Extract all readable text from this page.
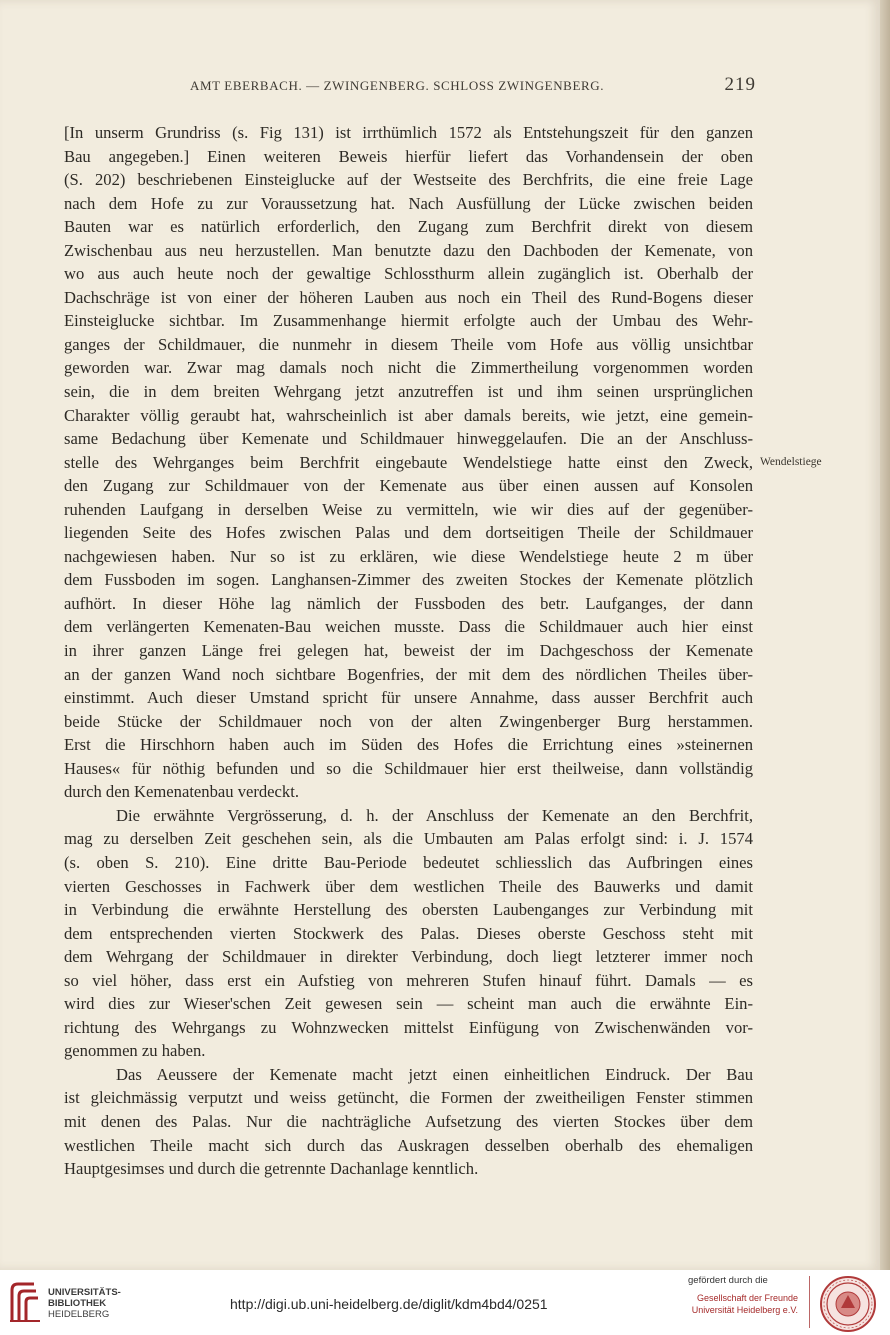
AMT EBERBACH. — ZWINGENBERG. SCHLOSS ZWINGENBERG.	219

[In unserm Grundriss (s. Fig 131) ist irrthümlich 1572 als Entstehungszeit für den ganzen
Bau angegeben.] Einen weiteren Beweis hierfür liefert das Vorhandensein der oben
(S. 202) beschriebenen Einsteiglucke auf der Westseite des Berchfrits, die eine freie Lage
nach dem Hofe zu zur Voraussetzung hat. Nach Ausfüllung der Lücke zwischen beiden
Bauten war es natürlich erforderlich, den Zugang zum Berchfrit direkt von diesem
Zwischenbau aus neu herzustellen. Man benutzte dazu den Dachboden der Kemenate, von
wo aus auch heute noch der gewaltige Schlossthurm allein zugänglich ist. Oberhalb der
Dachschräge ist von einer der höheren Lauben aus noch ein Theil des Rund-Bogens dieser
Einsteiglucke sichtbar. Im Zusammenhange hiermit erfolgte auch der Umbau des Wehr-
ganges der Schildmauer, die nunmehr in diesem Theile vom Hofe aus völlig unsichtbar
geworden war. Zwar mag damals noch nicht die Zimmertheilung vorgenommen worden
sein, die in dem breiten Wehrgang jetzt anzutreffen ist und ihm seinen ursprünglichen
Charakter völlig geraubt hat, wahrscheinlich ist aber damals bereits, wie jetzt, eine gemein-
same Bedachung über Kemenate und Schildmauer hinweggelaufen. Die an der Anschluss-
stelle des Wehrganges beim Berchfrit eingebaute Wendelstiege hatte einst den Zweck,
den Zugang zur Schildmauer von der Kemenate aus über einen aussen auf Konsolen
ruhenden Laufgang in derselben Weise zu vermitteln, wie wir dies auf der gegenüber-
liegenden Seite des Hofes zwischen Palas und dem dortseitigen Theile der Schildmauer
nachgewiesen haben. Nur so ist zu erklären, wie diese Wendelstiege heute 2 m über
dem Fussboden im sogen. Langhansen-Zimmer des zweiten Stockes der Kemenate plötzlich
aufhört. In dieser Höhe lag nämlich der Fussboden des betr. Laufganges, der dann
dem verlängerten Kemenaten-Bau weichen musste. Dass die Schildmauer auch hier einst
in ihrer ganzen Länge frei gelegen hat, beweist der im Dachgeschoss der Kemenate
an der ganzen Wand noch sichtbare Bogenfries, der mit dem des nördlichen Theiles über-
einstimmt. Auch dieser Umstand spricht für unsere Annahme, dass ausser Berchfrit auch
beide Stücke der Schildmauer noch von der alten Zwingenberger Burg herstammen.
Erst die Hirschhorn haben auch im Süden des Hofes die Errichtung eines »steinernen
Hauses« für nöthig befunden und so die Schildmauer hier erst theilweise, dann vollständig
durch den Kemenatenbau verdeckt.

Die erwähnte Vergrösserung, d. h. der Anschluss der Kemenate an den Berchfrit,
mag zu derselben Zeit geschehen sein, als die Umbauten am Palas erfolgt sind: i. J. 1574
(s. oben S. 210). Eine dritte Bau-Periode bedeutet schliesslich das Aufbringen eines
vierten Geschosses in Fachwerk über dem westlichen Theile des Bauwerks und damit
in Verbindung die erwähnte Herstellung des obersten Laubenganges zur Verbindung mit
dem entsprechenden vierten Stockwerk des Palas. Dieses oberste Geschoss steht mit
dem Wehrgang der Schildmauer in direkter Verbindung, doch liegt letzterer immer noch
so viel höher, dass erst ein Aufstieg von mehreren Stufen hinauf führt. Damals — es
wird dies zur Wieser'schen Zeit gewesen sein — scheint man auch die erwähnte Ein-
richtung des Wehrgangs zu Wohnzwecken mittelst Einfügung von Zwischenwänden vor-
genommen zu haben.

Das Aeussere der Kemenate macht jetzt einen einheitlichen Eindruck. Der Bau
ist gleichmässig verputzt und weiss getüncht, die Formen der zweitheiligen Fenster stimmen
mit denen des Palas. Nur die nachträgliche Aufsetzung des vierten Stockes über dem
westlichen Theile macht sich durch das Auskragen desselben oberhalb des ehemaligen
Hauptgesimses und durch die getrennte Dachanlage kenntlich.

Wendelstiege
UNIVERSITÄTS-
BIBLIOTHEK
HEIDELBERG
http://digi.ub.uni-heidelberg.de/diglit/kdm4bd4/0251
gefördert durch die
Gesellschaft der Freunde
Universität Heidelberg e.V.
